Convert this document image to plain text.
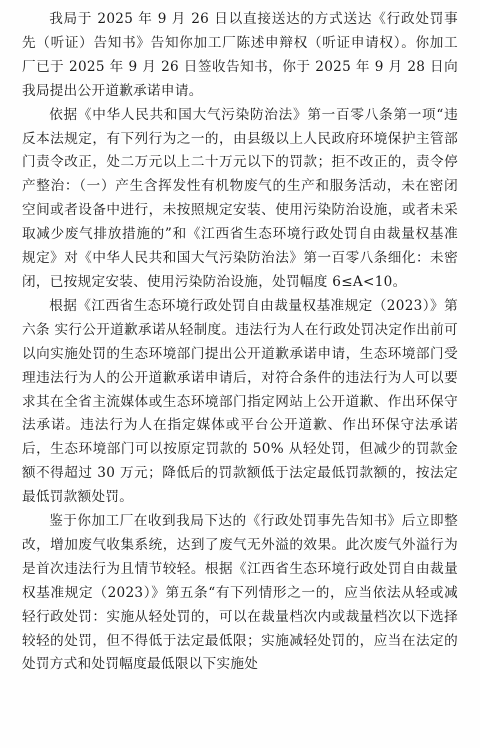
我局于 2025 年 9 月 26 日以直接送达的方式送达《行政处罚事先（听证）告知书》告知你加工厂陈述申辩权（听证申请权）。你加工厂已于 2025 年 9 月 26 日签收告知书，你于 2025 年 9 月 28 日向我局提出公开道歉承诺申请。

依据《中华人民共和国大气污染防治法》第一百零八条第一项“违反本法规定，有下列行为之一的，由县级以上人民政府环境保护主管部门责令改正，处二万元以上二十万元以下的罚款；拒不改正的，责令停产整治：（一）产生含挥发性有机物废气的生产和服务活动，未在密闭空间或者设备中进行，未按照规定安装、使用污染防治设施，或者未采取减少废气排放措施的”和《江西省生态环境行政处罚自由裁量权基准规定》对《中华人民共和国大气污染防治法》第一百零八条细化：未密闭，已按规定安装、使用污染防治设施，处罚幅度 6≤A<10。

根据《江西省生态环境行政处罚自由裁量权基准规定（2023）》第六条 实行公开道歉承诺从轻制度。违法行为人在行政处罚决定作出前可以向实施处罚的生态环境部门提出公开道歉承诺申请，生态环境部门受理违法行为人的公开道歉承诺申请后，对符合条件的违法行为人可以要求其在全省主流媒体或生态环境部门指定网站上公开道歉、作出环保守法承诺。违法行为人在指定媒体或平台公开道歉、作出环保守法承诺后，生态环境部门可以按原定罚款的 50% 从轻处罚，但减少的罚款金额不得超过 30 万元；降低后的罚款额低于法定最低罚款额的，按法定最低罚款额处罚。

鉴于你加工厂在收到我局下达的《行政处罚事先告知书》后立即整改，增加废气收集系统，达到了废气无外溢的效果。此次废气外溢行为是首次违法行为且情节较轻。根据《江西省生态环境行政处罚自由裁量权基准规定（2023）》第五条“有下列情形之一的，应当依法从轻或减轻行政处罚：实施从轻处罚的，可以在裁量档次内或裁量档次以下选择较轻的处罚，但不得低于法定最低限；实施减轻处罚的，应当在法定的处罚方式和处罚幅度最低限以下实施处
